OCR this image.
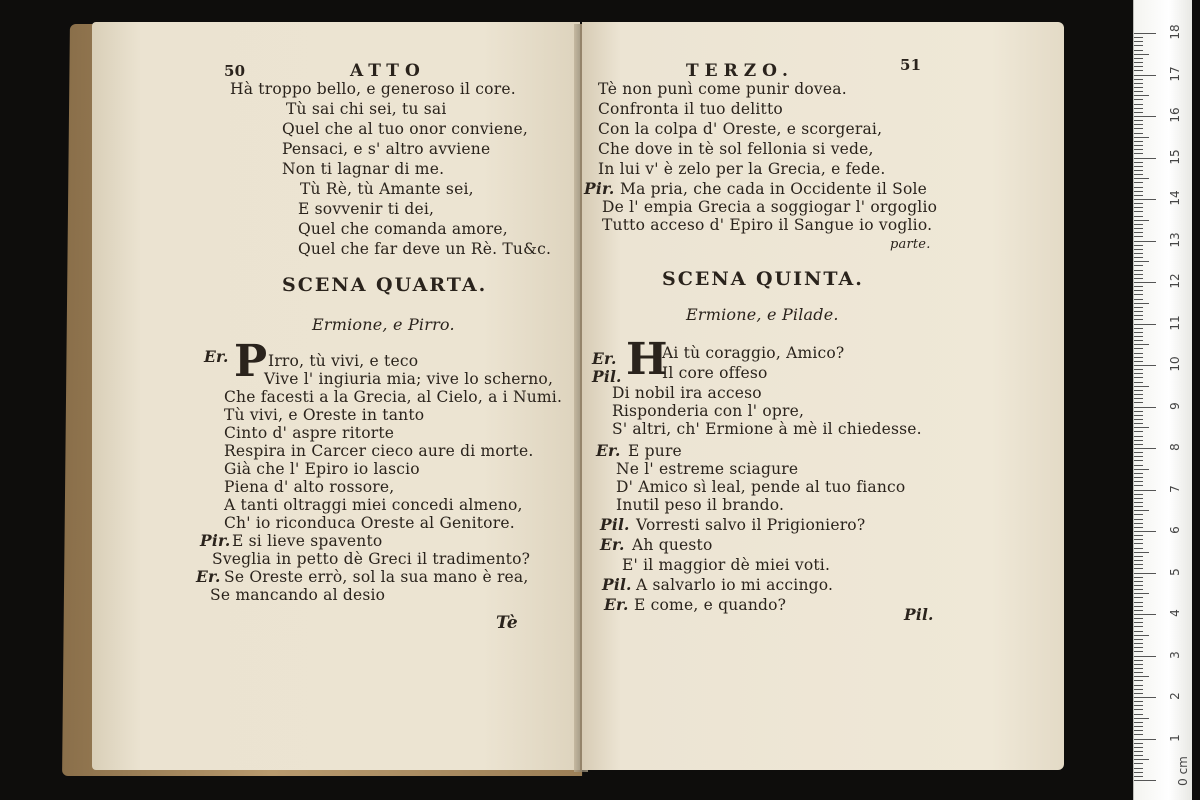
50	ATTO
Hà troppo bello, e generoso il core.
Tù sai chi sei, tu sai
Quel che al tuo onor conviene,
Pensaci, e s' altro avviene
Non ti lagnar di me.
Tù Rè, tù Amante sei,
E sovvenir ti dei,
Quel che comanda amore,
Quel che far deve un Rè. Tu&c.
SCENA QUARTA.
Ermione, e Pirro.
Er. P Irro, tù vivi, e teco
Vive l' ingiuria mia; vive lo scherno,
Che facesti a la Grecia, al Cielo, a i Numi.
Tù vivi, e Oreste in tanto
Cinto d' aspre ritorte
Respira in Carcer cieco aure di morte.
Già che l' Epiro io lascio
Piena d' alto rossore,
A tanti oltraggi miei concedi almeno,
Ch' io riconduca Oreste al Genitore.
Pir. E si lieve spavento
Sveglia in petto dè Greci il tradimento?
Er. Se Oreste errò, sol la sua mano è rea,
Se mancando al desio
Tè
TERZO.	51
Tè non punì come punir dovea.
Confronta il tuo delitto
Con la colpa d' Oreste, e scorgerai,
Che dove in tè sol fellonia si vede,
In lui v' è zelo per la Grecia, e fede.
Pir. Ma pria, che cada in Occidente il Sole
De l' empia Grecia a soggiogar l' orgoglio
Tutto acceso d' Epiro il Sangue io voglio.
parte.
SCENA QUINTA.
Ermione, e Pilade.
Er. H
Ai tù coraggio, Amico?
Pil.	Il core offeso
Di nobil ira acceso
Risponderia con l' opre,
S' altri, ch' Ermione à mè il chiedesse.
Er. E pure
Ne l' estreme sciagure
D' Amico sì leal, pende al tuo fianco
Inutil peso il brando.
Pil. Vorresti salvo il Prigioniero?
Er. Ah questo
E' il maggior dè miei voti.
Pil. A salvarlo io mi accingo.
Er. E come, e quando?	Pil.
0 cm
1
2
3
4
5
6
7
8
9
10
11
12
13
14
15
16
17
18
